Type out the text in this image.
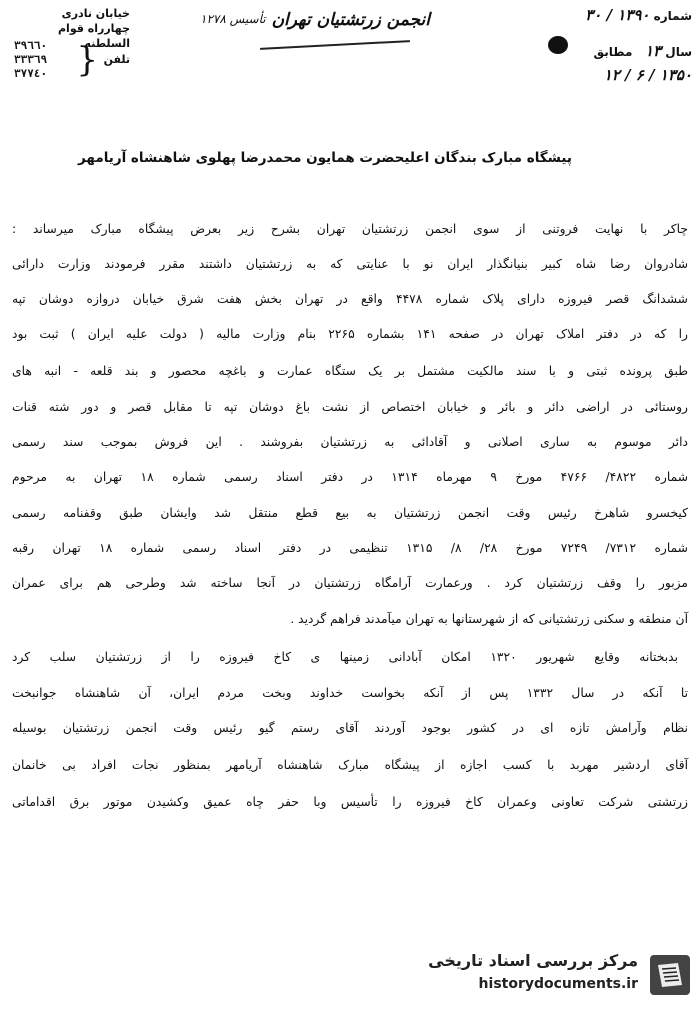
خیابان نادری
چهارراه قوام السلطنه
تلفن
{
٣٩٦٦٠
٣٣٣٦٩
٣٧٧٤٠
انجمن زرتشتیان تهران
تأسیس ۱۲۷۸	شماره ۱۳۹۰ / ۳۰
سال ۱۳   مطابق
۱۳۵۰ / ۶ / ۱۲
پیشگاه مبارک بندگان اعلیحضرت همایون محمدرضا پهلوی شاهنشاه آریامهر
چاکر با نهایت فروتنی از سوی انجمن زرتشتیان تهران بشرح زیر بعرض پیشگاه مبارک میرساند :
شادروان رضا شاه کبیر بنیانگذار ایران نو با عنایتی که به زرتشتیان داشتند مقرر فرمودند وزارت دارائی
ششدانگ قصر فیروزه دارای پلاک شماره ۴۴۷۸ واقع در تهران بخش هفت شرق خیابان دروازه دوشان تپه
را که در دفتر املاک تهران در صفحه ۱۴۱ بشماره ۲۲۶۵ بنام وزارت مالیه ( دولت علیه ایران ) ثبت بود
طبق پرونده ثبتی و با سند مالکیت مشتمل بر یک ستگاه عمارت و باغچه محصور و بند قلعه - انبه های
روستائی در اراضی دائر و بائر و خیابان اختصاص از نشت باغ دوشان تپه تا مقابل قصر و دور شته قنات
دائر موسوم به ساری اصلانی و آقادائی به زرتشتیان بفروشند . این فروش بموجب سند رسمی
شماره ۴۸۲۲/ ۴۷۶۶ مورخ ۹ مهرماه ۱۳۱۴ در دفتر اسناد رسمی شماره ۱۸ تهران به مرحوم
کیخسرو شاهرخ رئیس وقت انجمن زرتشتیان به بیع قطع منتقل شد وایشان طبق وقفنامه رسمی
شماره ۷۳۱۲/ ۷۲۴۹ مورخ ۲۸/ ۸/ ۱۳۱۵ تنظیمی در دفتر اسناد رسمی شماره ۱۸ تهران رقبه
مزبور را وقف زرتشتیان کرد . ورعمارت آرامگاه زرتشتیان در آنجا ساخته شد وطرحی هم برای عمران
آن منطقه و سکنی زرتشتیانی که از شهرستانها به تهران میآمدند فراهم گردید .
بدبختانه وقایع شهریور ۱۳۲۰ امکان آبادانی زمینها ی کاخ فیروزه را از زرتشتیان سلب کرد
تا آنکه در سال ۱۳۳۲ پس از آنکه بخواست خداوند وبخت مردم ایران، آن شاهنشاه جوانبخت
نظام وآرامش تازه ای در کشور بوجود آوردند آقای رستم گیو رئیس وقت انجمن زرتشتیان بوسیله
آقای اردشیر مهربد با کسب اجازه از پیشگاه مبارک شاهنشاه آریامهر بمنظور نجات افراد بی خانمان
زرتشتی شرکت تعاونی وعمران کاخ فیروزه را تأسیس وبا حفر چاه عمیق وکشیدن موتور برق اقداماتی
مرکز بررسی اسناد تاریخی
historydocuments.ir
